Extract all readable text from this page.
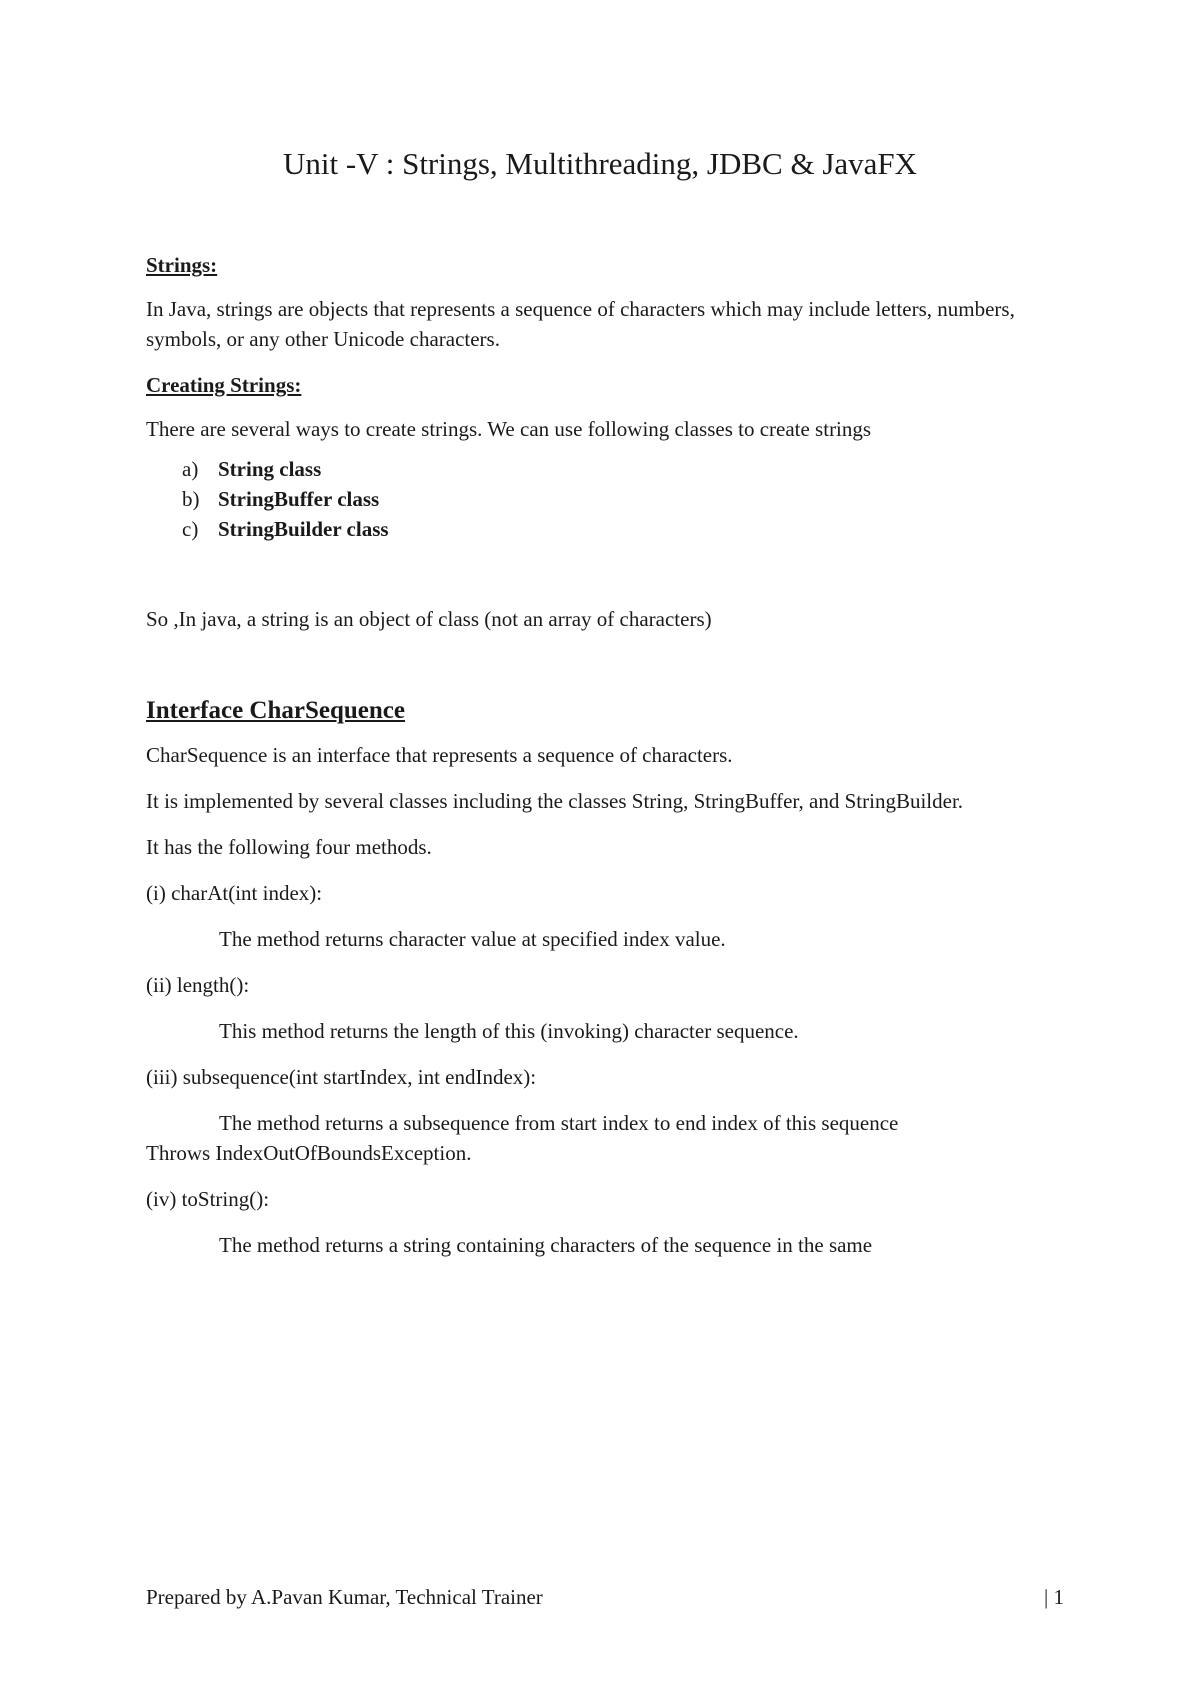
Unit -V : Strings, Multithreading, JDBC & JavaFX
Strings:

In Java, strings are objects that represents a sequence of characters which may include letters, numbers, symbols, or any other Unicode characters.

Creating Strings:

There are several ways to create strings. We can use following classes to create strings

a) String class
b) StringBuffer class
c) StringBuilder class

So ,In java, a string is an object of class (not an array of characters)

Interface CharSequence

CharSequence is an interface that represents a sequence of characters.

It is implemented by several classes including the classes String, StringBuffer, and StringBuilder.

It has the following four methods.

(i) charAt(int index):

The method returns character value at specified index value.

(ii) length():

This method returns the length of this (invoking) character sequence.

(iii) subsequence(int startIndex, int endIndex):

The method returns a subsequence from start index to end index of this sequence
Throws IndexOutOfBoundsException.

(iv) toString():

The method returns a string containing characters of the sequence in the same

Prepared by A.Pavan Kumar, Technical Trainer	| 1
